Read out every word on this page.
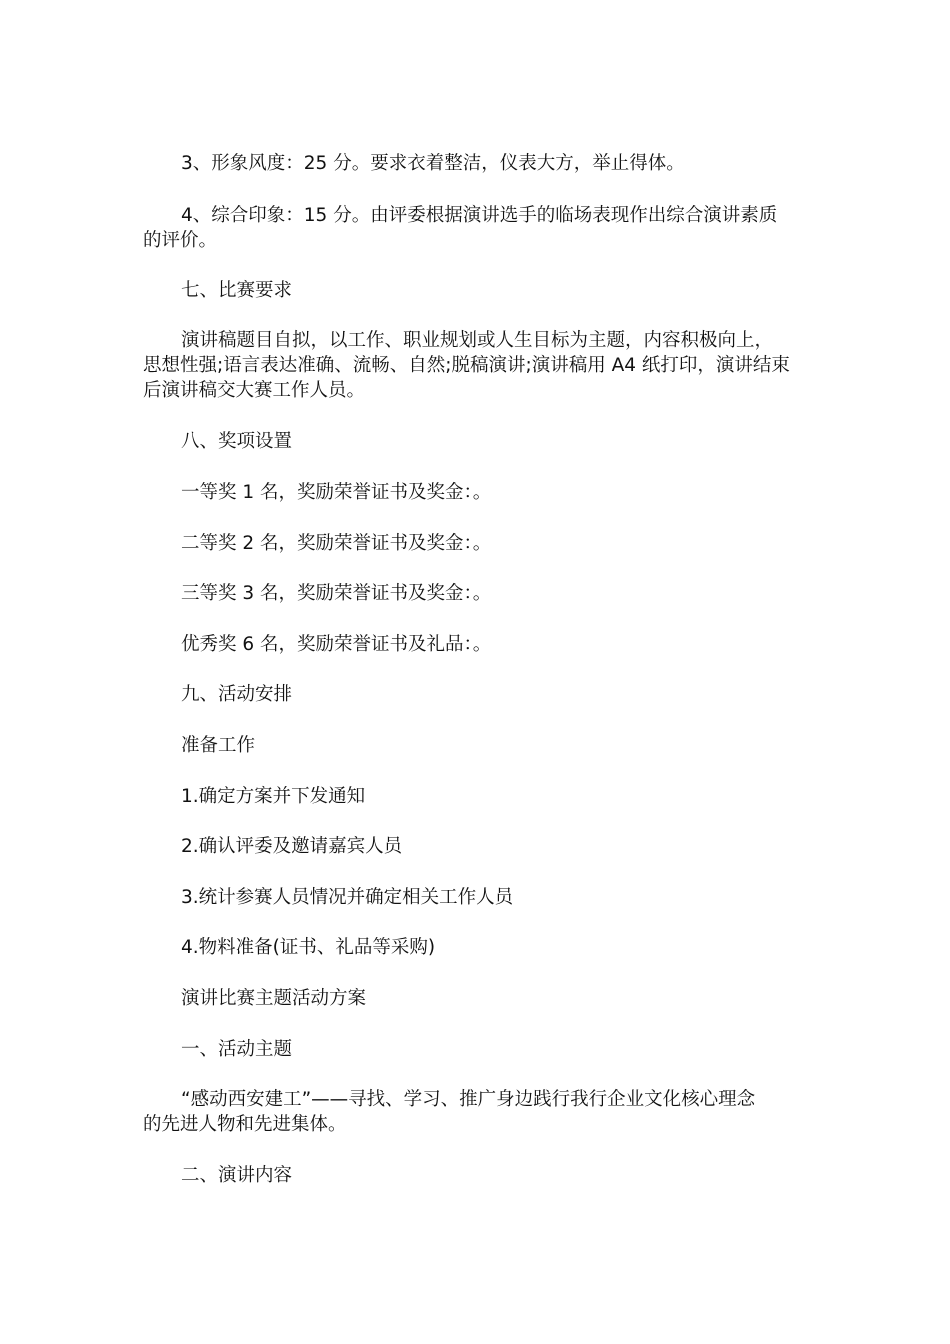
3、形象风度：25 分。要求衣着整洁，仪表大方，举止得体。

4、综合印象：15 分。由评委根据演讲选手的临场表现作出综合演讲素质
的评价。

七、比赛要求

演讲稿题目自拟，以工作、职业规划或人生目标为主题，内容积极向上，
思想性强;语言表达准确、流畅、自然;脱稿演讲;演讲稿用 A4 纸打印，演讲结束
后演讲稿交大赛工作人员。

八、奖项设置

一等奖 1 名，奖励荣誉证书及奖金：。

二等奖 2 名，奖励荣誉证书及奖金：。

三等奖 3 名，奖励荣誉证书及奖金：。

优秀奖 6 名，奖励荣誉证书及礼品：。

九、活动安排

准备工作

1.确定方案并下发通知

2.确认评委及邀请嘉宾人员

3.统计参赛人员情况并确定相关工作人员

4.物料准备(证书、礼品等采购)

演讲比赛主题活动方案

一、活动主题

“感动西安建工”——寻找、学习、推广身边践行我行企业文化核心理念
的先进人物和先进集体。

二、演讲内容
